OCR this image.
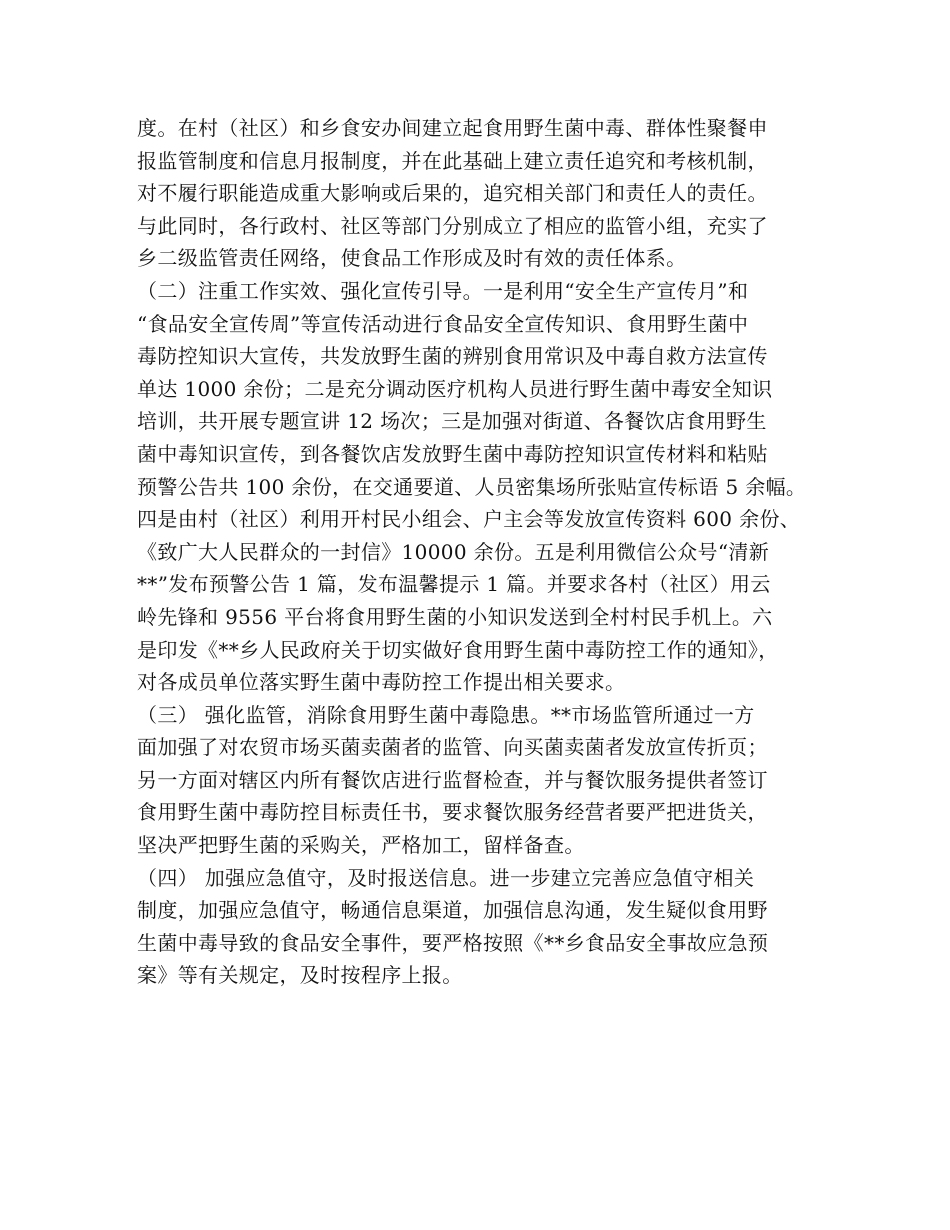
度。在村（社区）和乡食安办间建立起食用野生菌中毒、群体性聚餐申
报监管制度和信息月报制度，并在此基础上建立责任追究和考核机制，
对不履行职能造成重大影响或后果的，追究相关部门和责任人的责任。
与此同时，各行政村、社区等部门分别成立了相应的监管小组，充实了
乡二级监管责任网络，使食品工作形成及时有效的责任体系。
（二）注重工作实效、强化宣传引导。一是利用“安全生产宣传月”和
“食品安全宣传周”等宣传活动进行食品安全宣传知识、食用野生菌中
毒防控知识大宣传，共发放野生菌的辨别食用常识及中毒自救方法宣传
单达 1000 余份；二是充分调动医疗机构人员进行野生菌中毒安全知识
培训，共开展专题宣讲 12 场次；三是加强对街道、各餐饮店食用野生
菌中毒知识宣传，到各餐饮店发放野生菌中毒防控知识宣传材料和粘贴
预警公告共 100 余份，在交通要道、人员密集场所张贴宣传标语 5 余幅。
四是由村（社区）利用开村民小组会、户主会等发放宣传资料 600 余份、
《致广大人民群众的一封信》10000 余份。五是利用微信公众号“清新
**”发布预警公告 1 篇，发布温馨提示 1 篇。并要求各村（社区）用云
岭先锋和 9556 平台将食用野生菌的小知识发送到全村村民手机上。六
是印发《**乡人民政府关于切实做好食用野生菌中毒防控工作的通知》，
对各成员单位落实野生菌中毒防控工作提出相关要求。
（三） 强化监管，消除食用野生菌中毒隐患。**市场监管所通过一方
面加强了对农贸市场买菌卖菌者的监管、向买菌卖菌者发放宣传折页；
另一方面对辖区内所有餐饮店进行监督检查，并与餐饮服务提供者签订
食用野生菌中毒防控目标责任书，要求餐饮服务经营者要严把进货关，
坚决严把野生菌的采购关，严格加工，留样备查。
（四） 加强应急值守，及时报送信息。进一步建立完善应急值守相关
制度，加强应急值守，畅通信息渠道，加强信息沟通，发生疑似食用野
生菌中毒导致的食品安全事件，要严格按照《**乡食品安全事故应急预
案》等有关规定，及时按程序上报。
